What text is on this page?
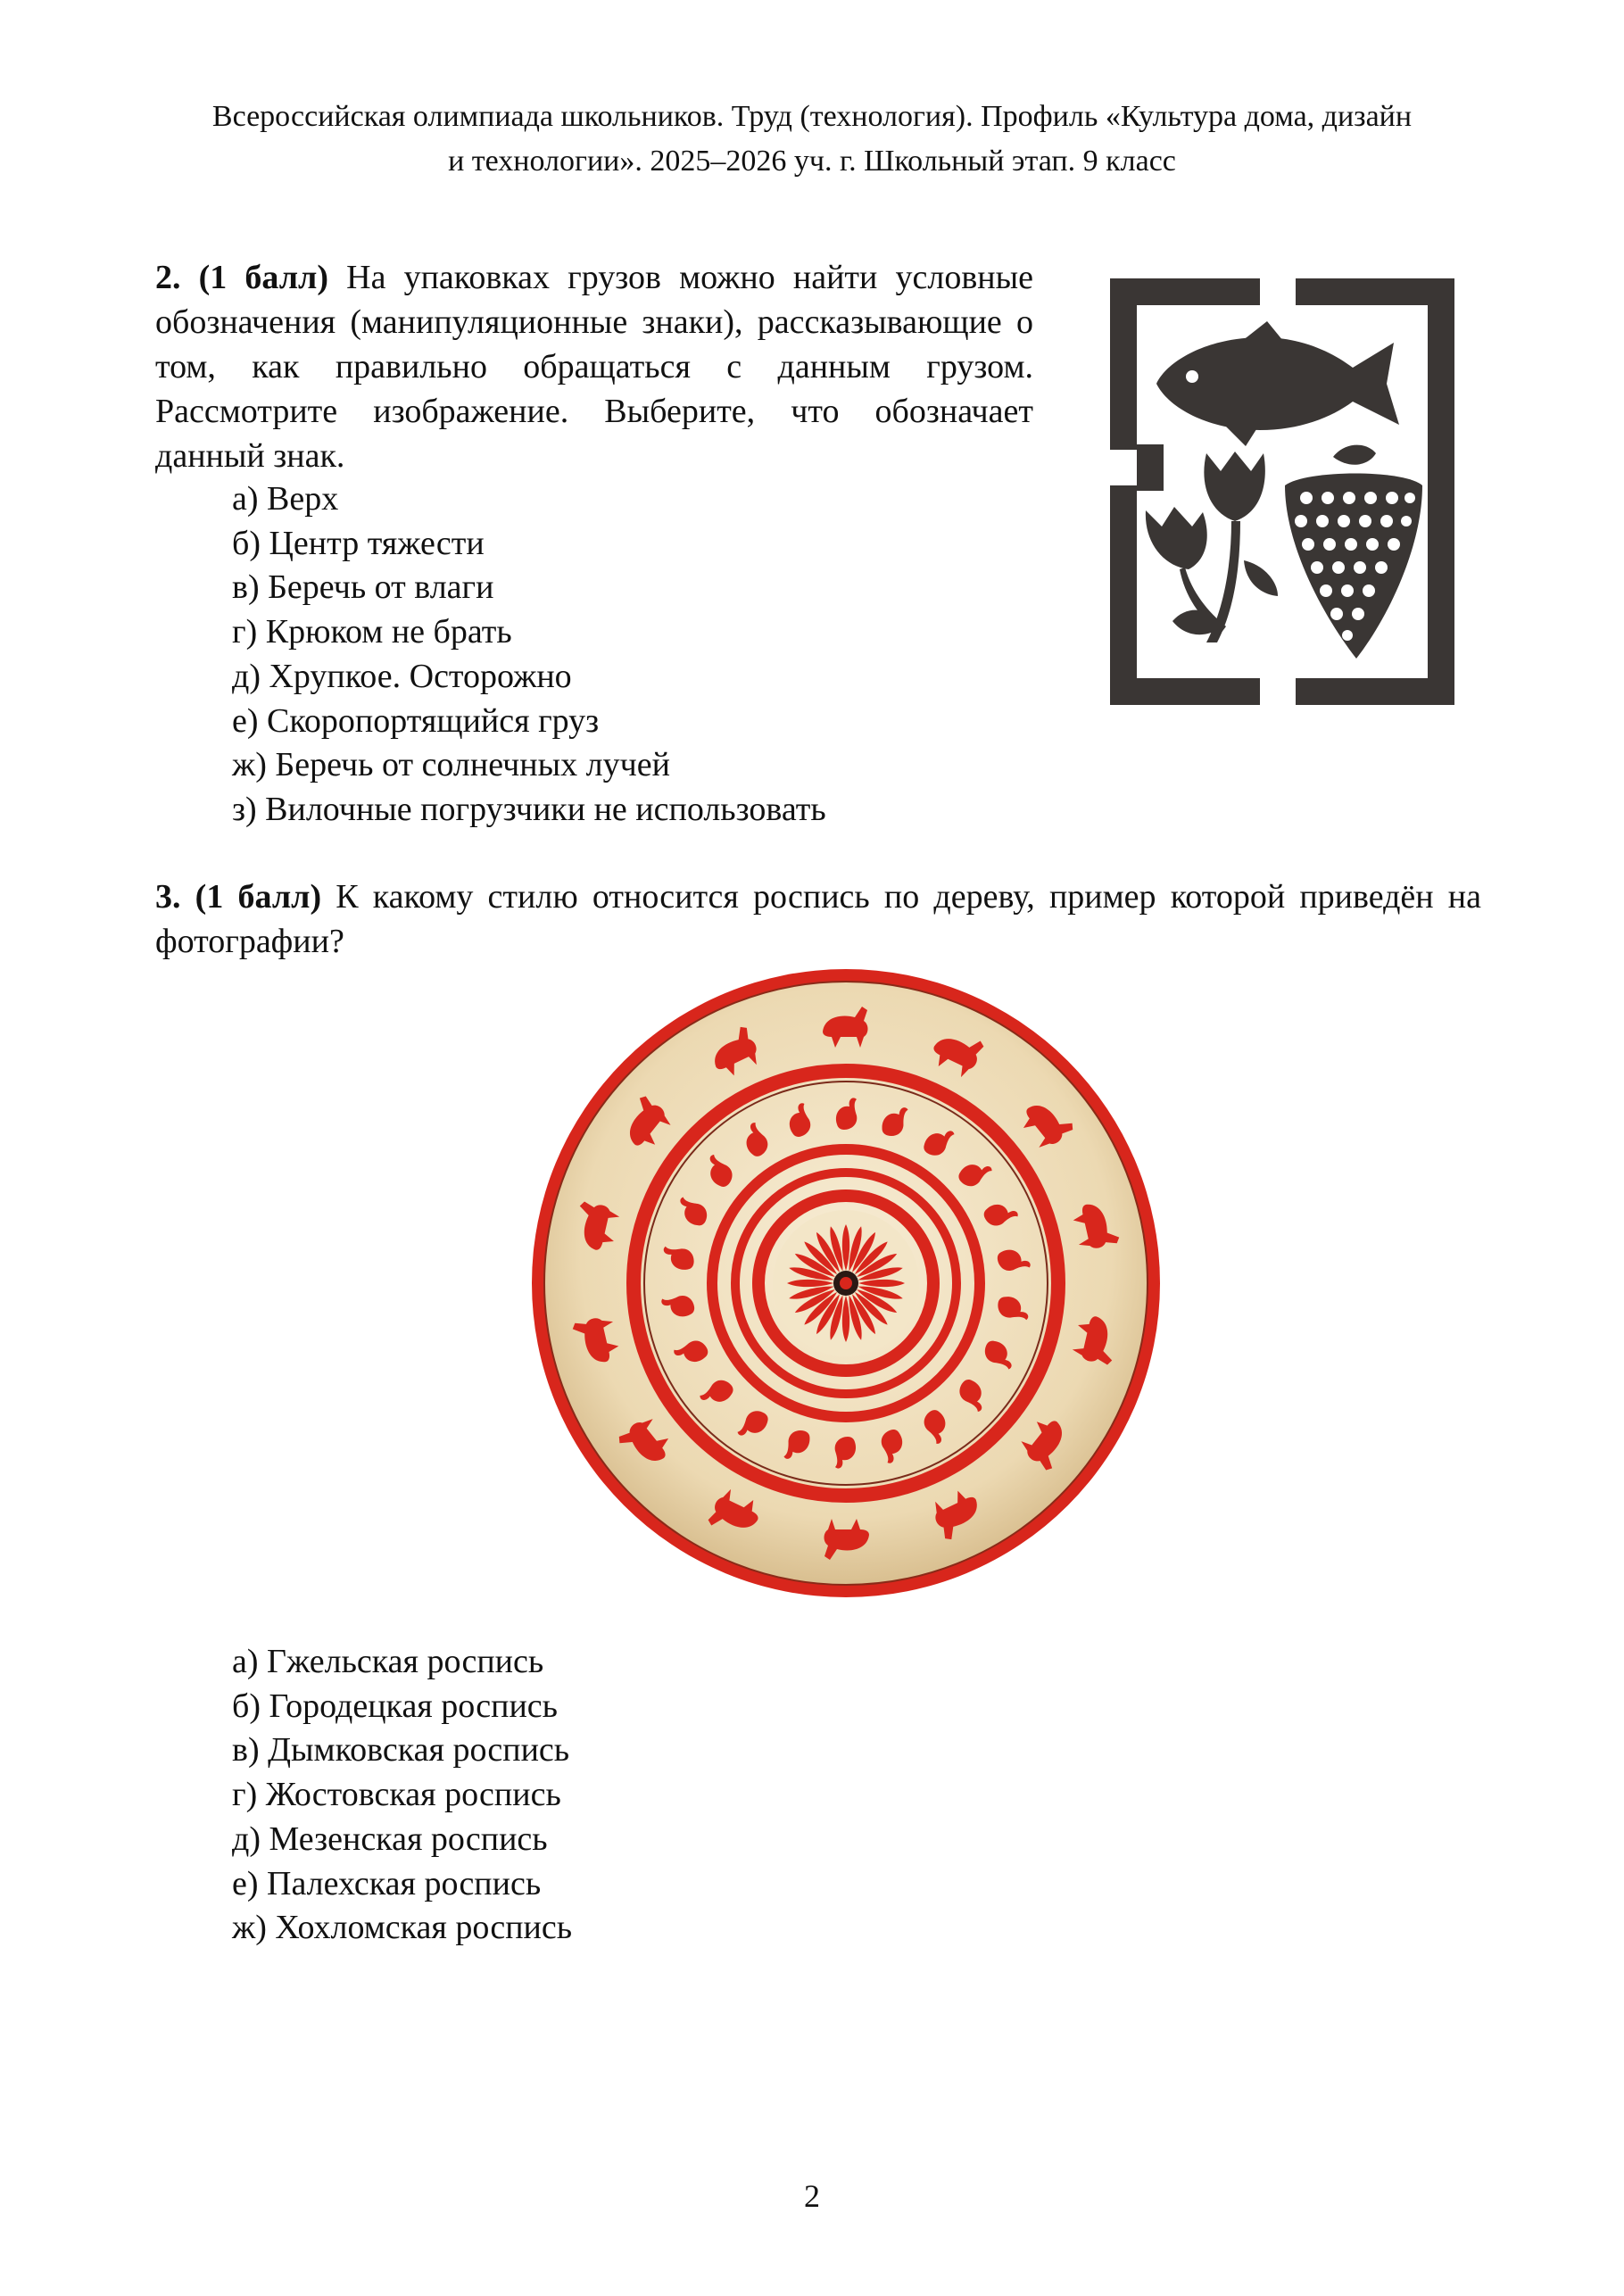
Всероссийская олимпиада школьников. Труд (технология). Профиль «Культура дома, дизайн
и технологии». 2025–2026 уч. г. Школьный этап. 9 класс
2. (1 балл) На упаковках грузов можно найти условные обозначения (манипуляционные знаки), рассказывающие о том, как правильно обращаться с данным грузом. Рассмотрите изображение. Выберите, что обозначает данный знак.
а) Верх
б) Центр тяжести
в) Беречь от влаги
г) Крюком не брать
д) Хрупкое. Осторожно
е) Скоропортящийся груз
ж) Беречь от солнечных лучей
з) Вилочные погрузчики не использовать
3. (1 балл) К какому стилю относится роспись по дереву, пример которой приведён на фотографии?
а) Гжельская роспись
б) Городецкая роспись
в) Дымковская роспись
г) Жостовская роспись
д) Мезенская роспись
е) Палехская роспись
ж) Хохломская роспись
2
